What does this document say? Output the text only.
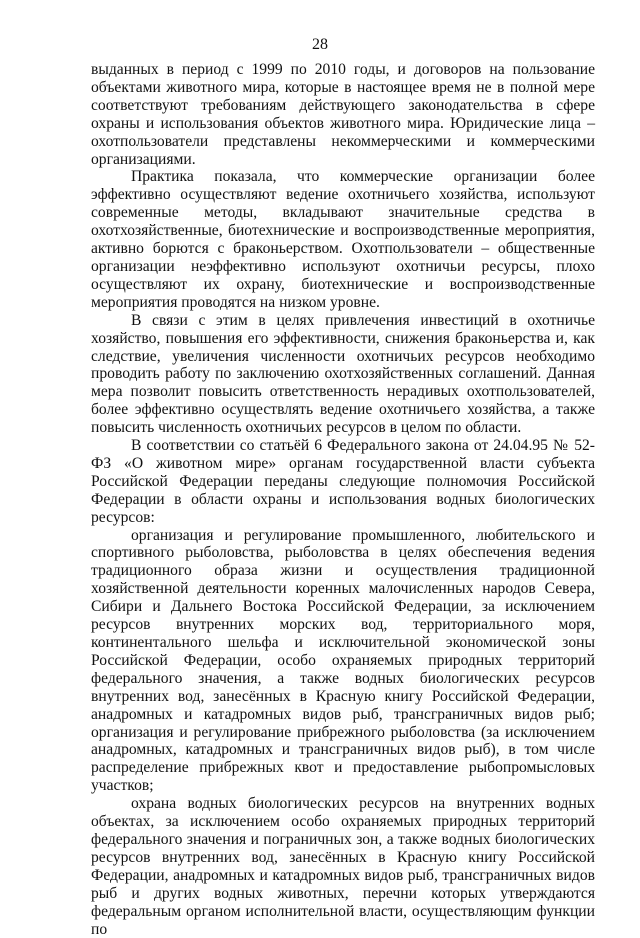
28

выданных в период с 1999 по 2010 годы, и договоров на пользование объектами животного мира, которые в настоящее время не в полной мере соответствуют требованиям действующего законодательства в сфере охраны и использования объектов животного мира. Юридические лица – охотпользователи представлены некоммерческими и коммерческими организациями.

Практика показала, что коммерческие организации более эффективно осуществляют ведение охотничьего хозяйства, используют современные методы, вкладывают значительные средства в охотхозяйственные, биотехнические и воспроизводственные мероприятия, активно борются с браконьерством. Охотпользователи – общественные организации неэффективно используют охотничьи ресурсы, плохо осуществляют их охрану, биотехнические и воспроизводственные мероприятия проводятся на низком уровне.

В связи с этим в целях привлечения инвестиций в охотничье хозяйство, повышения его эффективности, снижения браконьерства и, как следствие, увеличения численности охотничьих ресурсов необходимо проводить работу по заключению охотхозяйственных соглашений. Данная мера позволит повысить ответственность нерадивых охотпользователей, более эффективно осуществлять ведение охотничьего хозяйства, а также повысить численность охотничьих ресурсов в целом по области.

В соответствии со статьёй 6 Федерального закона от 24.04.95 № 52-ФЗ «О животном мире» органам государственной власти субъекта Российской Федерации переданы следующие полномочия Российской Федерации в области охраны и использования водных биологических ресурсов:

организация и регулирование промышленного, любительского и спортивного рыболовства, рыболовства в целях обеспечения ведения традиционного образа жизни и осуществления традиционной хозяйственной деятельности коренных малочисленных народов Севера, Сибири и Дальнего Востока Российской Федерации, за исключением ресурсов внутренних морских вод, территориального моря, континентального шельфа и исключительной экономической зоны Российской Федерации, особо охраняемых природных территорий федерального значения, а также водных биологических ресурсов внутренних вод, занесённых в Красную книгу Российской Федерации, анадромных и катадромных видов рыб, трансграничных видов рыб; организация и регулирование прибрежного рыболовства (за исключением анадромных, катадромных и трансграничных видов рыб), в том числе распределение прибрежных квот и предоставление рыбопромысловых участков;

охрана водных биологических ресурсов на внутренних водных объектах, за исключением особо охраняемых природных территорий федерального значения и пограничных зон, а также водных биологических ресурсов внутренних вод, занесённых в Красную книгу Российской Федерации, анадромных и катадромных видов рыб, трансграничных видов рыб и других водных животных, перечни которых утверждаются федеральным органом исполнительной власти, осуществляющим функции по
